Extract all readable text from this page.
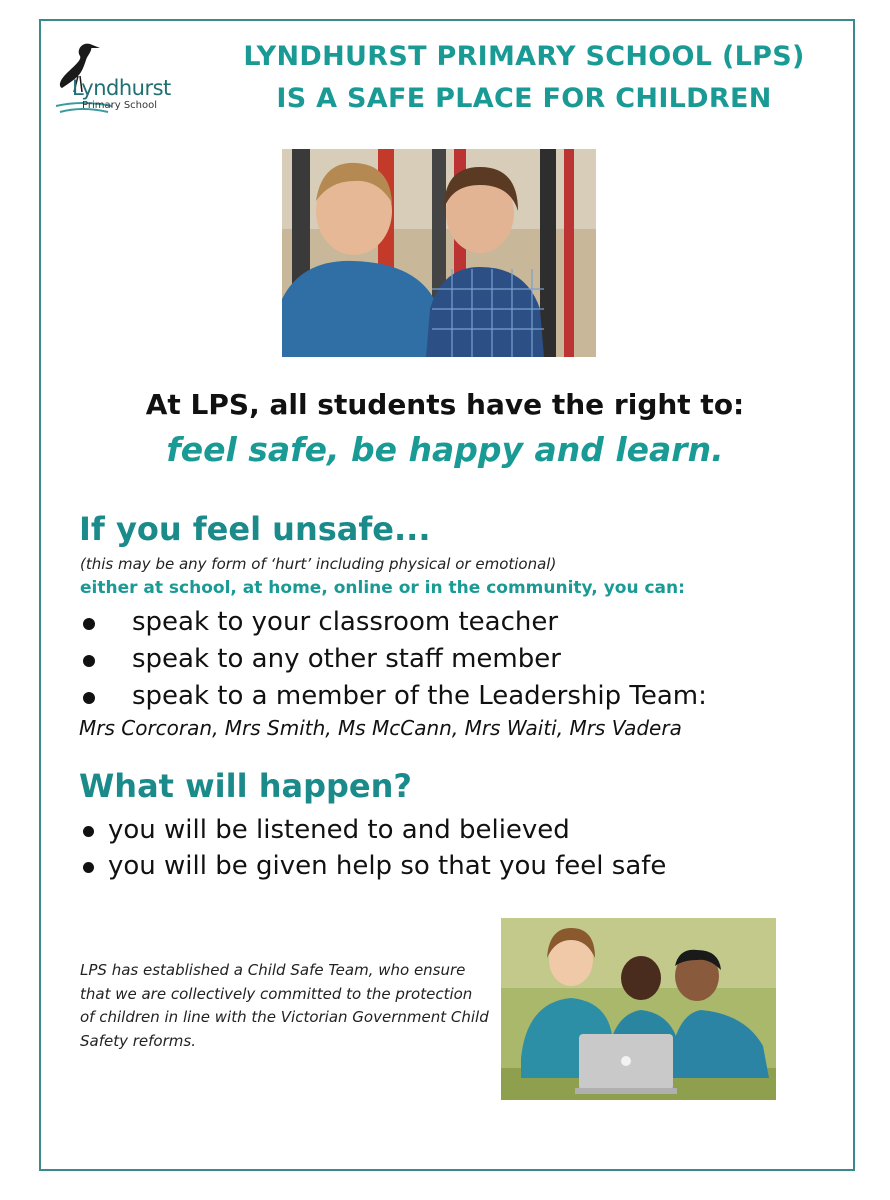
Lyndhurst
Primary School
LYNDHURST PRIMARY SCHOOL (LPS)
IS A SAFE PLACE FOR CHILDREN
At LPS, all students have the right to:
feel safe, be happy and learn.
If you feel unsafe...
(this may be any form of ‘hurt’ including physical or emotional)
either at school, at home, online or in the community, you can:
speak to your classroom teacher
speak to any other staff member
speak to a member of the Leadership Team:
Mrs Corcoran, Mrs Smith, Ms McCann, Mrs Waiti, Mrs Vadera
What will happen?
you will be listened to and believed
you will be given help so that you feel safe
LPS has established a Child Safe Team, who ensure that we are collectively committed to the protection of children in line with the Victorian Government Child Safety reforms.
